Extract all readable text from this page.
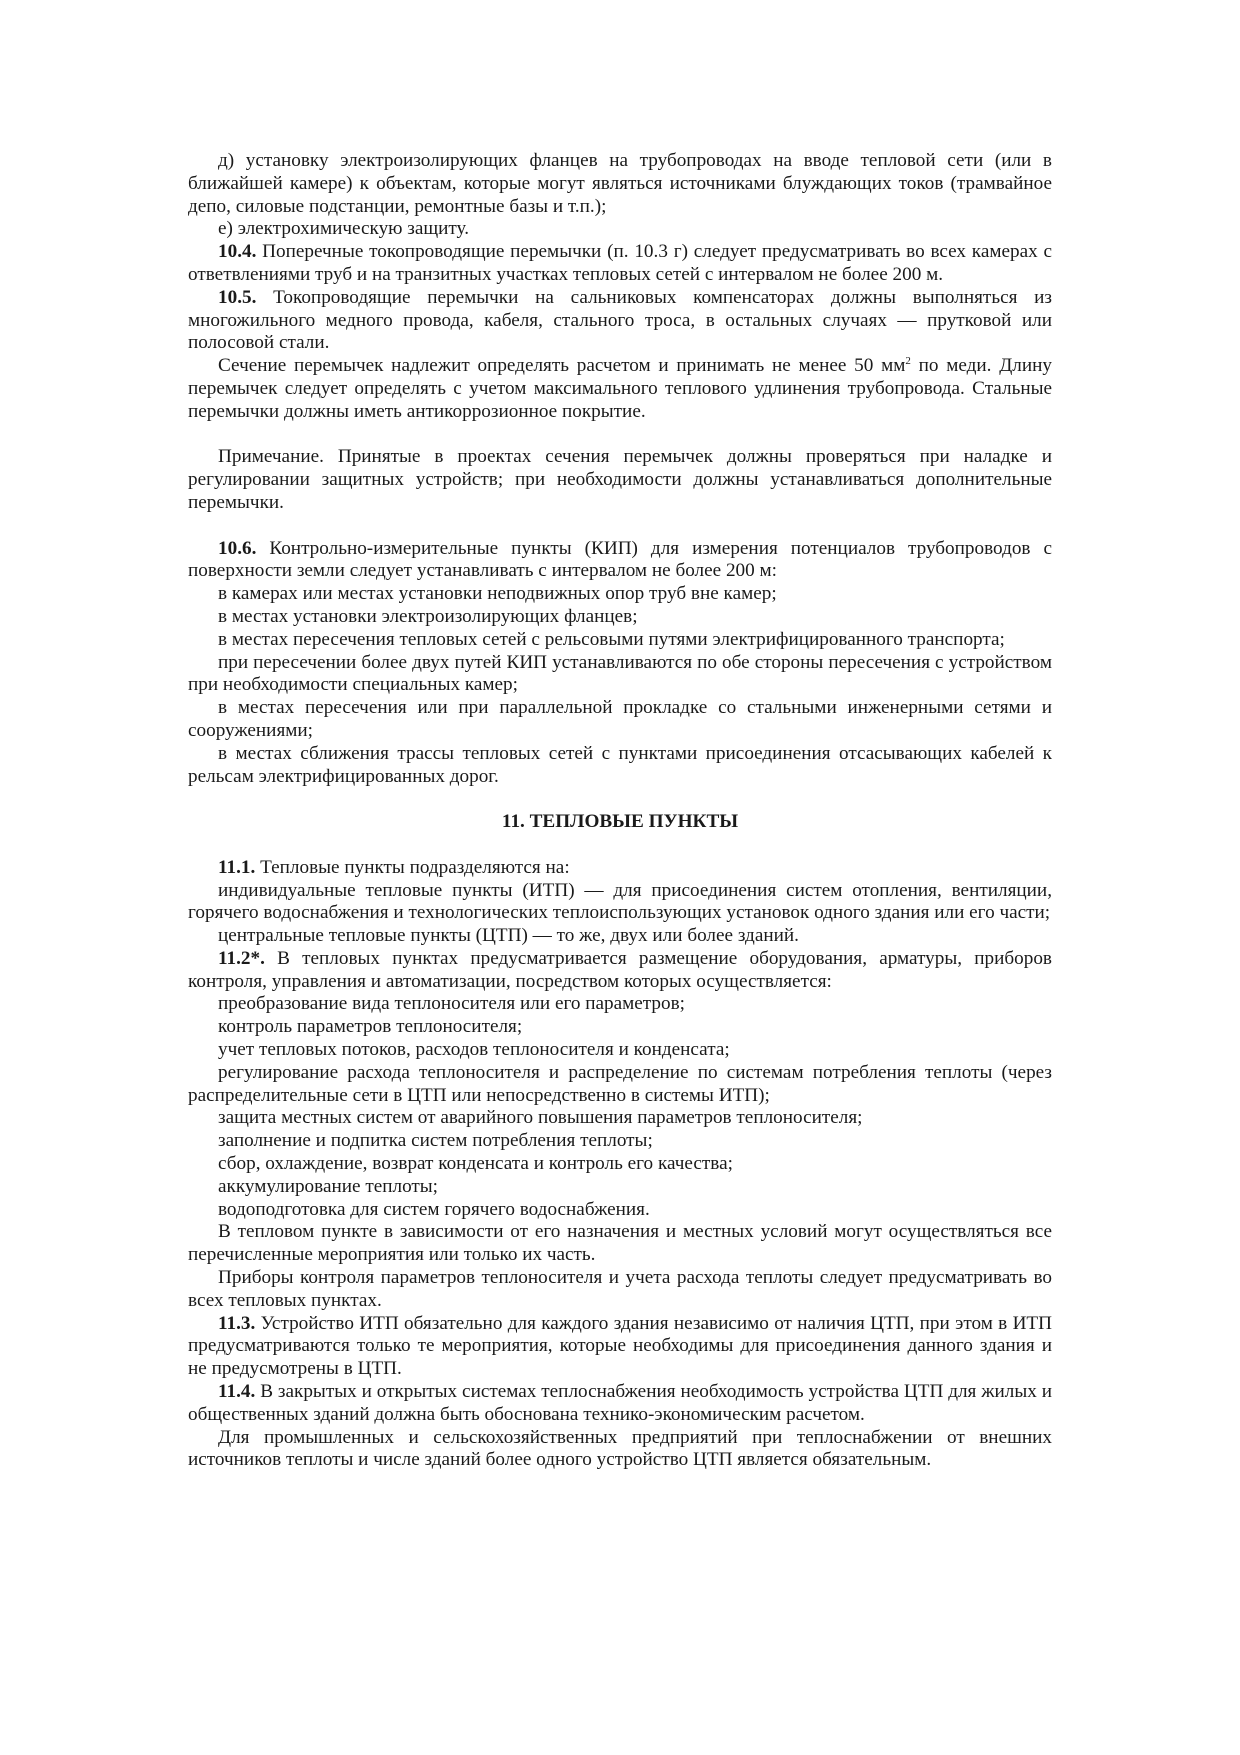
д) установку электроизолирующих фланцев на трубопроводах на вводе тепловой сети (или в ближайшей камере) к объектам, которые могут являться источниками блуждающих токов (трамвайное депо, силовые подстанции, ремонтные базы и т.п.);

е) электрохимическую защиту.

10.4. Поперечные токопроводящие перемычки (п. 10.3 г) следует предусматривать во всех камерах с ответвлениями труб и на транзитных участках тепловых сетей с интервалом не более 200 м.

10.5. Токопроводящие перемычки на сальниковых компенсаторах должны выполняться из многожильного медного провода, кабеля, стального троса, в остальных случаях — прутковой или полосовой стали.

Сечение перемычек надлежит определять расчетом и принимать не менее 50 $мм^2$ по меди. Длину перемычек следует определять с учетом максимального теплового удлинения трубопровода. Стальные перемычки должны иметь антикоррозионное покрытие.

Примечание. Принятые в проектах сечения перемычек должны проверяться при наладке и регулировании защитных устройств; при необходимости должны устанавливаться дополнительные перемычки.

10.6. Контрольно-измерительные пункты (КИП) для измерения потенциалов трубопроводов с поверхности земли следует устанавливать с интервалом не более 200 м:

в камерах или местах установки неподвижных опор труб вне камер;

в местах установки электроизолирующих фланцев;

в местах пересечения тепловых сетей с рельсовыми путями электрифицированного транспорта;

при пересечении более двух путей КИП устанавливаются по обе стороны пересечения с устройством при необходимости специальных камер;

в местах пересечения или при параллельной прокладке со стальными инженерными сетями и сооружениями;

в местах сближения трассы тепловых сетей с пунктами присоединения отсасывающих кабелей к рельсам электрифицированных дорог.

11. ТЕПЛОВЫЕ ПУНКТЫ

11.1. Тепловые пункты подразделяются на:

индивидуальные тепловые пункты (ИТП) — для присоединения систем отопления, вентиляции, горячего водоснабжения и технологических теплоиспользующих установок одного здания или его части;

центральные тепловые пункты (ЦТП) — то же, двух или более зданий.

11.2*. В тепловых пунктах предусматривается размещение оборудования, арматуры, приборов контроля, управления и автоматизации, посредством которых осуществляется:

преобразование вида теплоносителя или его параметров;

контроль параметров теплоносителя;

учет тепловых потоков, расходов теплоносителя и конденсата;

регулирование расхода теплоносителя и распределение по системам потребления теплоты (через распределительные сети в ЦТП или непосредственно в системы ИТП);

защита местных систем от аварийного повышения параметров теплоносителя;

заполнение и подпитка систем потребления теплоты;

сбор, охлаждение, возврат конденсата и контроль его качества;

аккумулирование теплоты;

водоподготовка для систем горячего водоснабжения.

В тепловом пункте в зависимости от его назначения и местных условий могут осуществляться все перечисленные мероприятия или только их часть.

Приборы контроля параметров теплоносителя и учета расхода теплоты следует предусматривать во всех тепловых пунктах.

11.3. Устройство ИТП обязательно для каждого здания независимо от наличия ЦТП, при этом в ИТП предусматриваются только те мероприятия, которые необходимы для присоединения данного здания и не предусмотрены в ЦТП.

11.4. В закрытых и открытых системах теплоснабжения необходимость устройства ЦТП для жилых и общественных зданий должна быть обоснована технико-экономическим расчетом.

Для промышленных и сельскохозяйственных предприятий при теплоснабжении от внешних источников теплоты и числе зданий более одного устройство ЦТП является обязательным.
